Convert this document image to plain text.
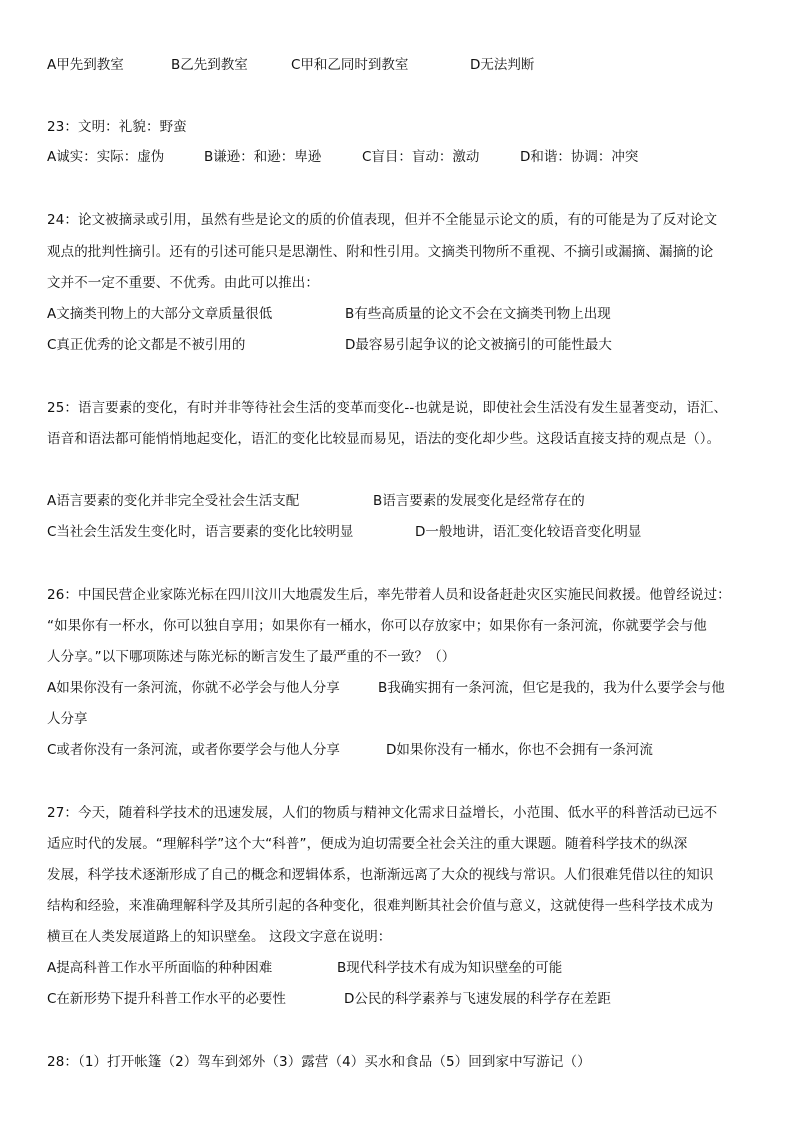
A甲先到教室	B乙先到教室	C甲和乙同时到教室	D无法判断
23：文明：礼貌：野蛮
A诚实：实际：虚伪	B谦逊：和逊：卑逊	C盲目：盲动：激动	D和谐：协调：冲突
24：论文被摘录或引用，虽然有些是论文的质的价值表现，但并不全能显示论文的质，有的可能是为了反对论文
观点的批判性摘引。还有的引述可能只是思潮性、附和性引用。文摘类刊物所不重视、不摘引或漏摘、漏摘的论
文并不一定不重要、不优秀。由此可以推出：
A文摘类刊物上的大部分文章质量很低	B有些高质量的论文不会在文摘类刊物上出现
C真正优秀的论文都是不被引用的	D最容易引起争议的论文被摘引的可能性最大
25：语言要素的变化，有时并非等待社会生活的变革而变化--也就是说，即使社会生活没有发生显著变动，语汇、
语音和语法都可能悄悄地起变化，语汇的变化比较显而易见，语法的变化却少些。这段话直接支持的观点是（）。
A语言要素的变化并非完全受社会生活支配	B语言要素的发展变化是经常存在的
C当社会生活发生变化时，语言要素的变化比较明显	D一般地讲，语汇变化较语音变化明显
26：中国民营企业家陈光标在四川汶川大地震发生后，率先带着人员和设备赶赴灾区实施民间救援。他曾经说过：
“如果你有一杯水，你可以独自享用；如果你有一桶水，你可以存放家中；如果你有一条河流，你就要学会与他
人分享。”以下哪项陈述与陈光标的断言发生了最严重的不一致？（）
A如果你没有一条河流，你就不必学会与他人分享	B我确实拥有一条河流，但它是我的，我为什么要学会与他
人分享
C或者你没有一条河流，或者你要学会与他人分享	D如果你没有一桶水，你也不会拥有一条河流
27：今天，随着科学技术的迅速发展，人们的物质与精神文化需求日益增长，小范围、低水平的科普活动已远不
适应时代的发展。“理解科学”这个大“科普”，便成为迫切需要全社会关注的重大课题。随着科学技术的纵深
发展，科学技术逐渐形成了自己的概念和逻辑体系，也渐渐远离了大众的视线与常识。人们很难凭借以往的知识
结构和经验，来准确理解科学及其所引起的各种变化，很难判断其社会价值与意义，这就使得一些科学技术成为
横亘在人类发展道路上的知识壁垒。 这段文字意在说明：
A提高科普工作水平所面临的种种困难	B现代科学技术有成为知识壁垒的可能
C在新形势下提升科普工作水平的必要性	D公民的科学素养与飞速发展的科学存在差距
28：（1）打开帐篷（2）驾车到郊外（3）露营（4）买水和食品（5）回到家中写游记（）
